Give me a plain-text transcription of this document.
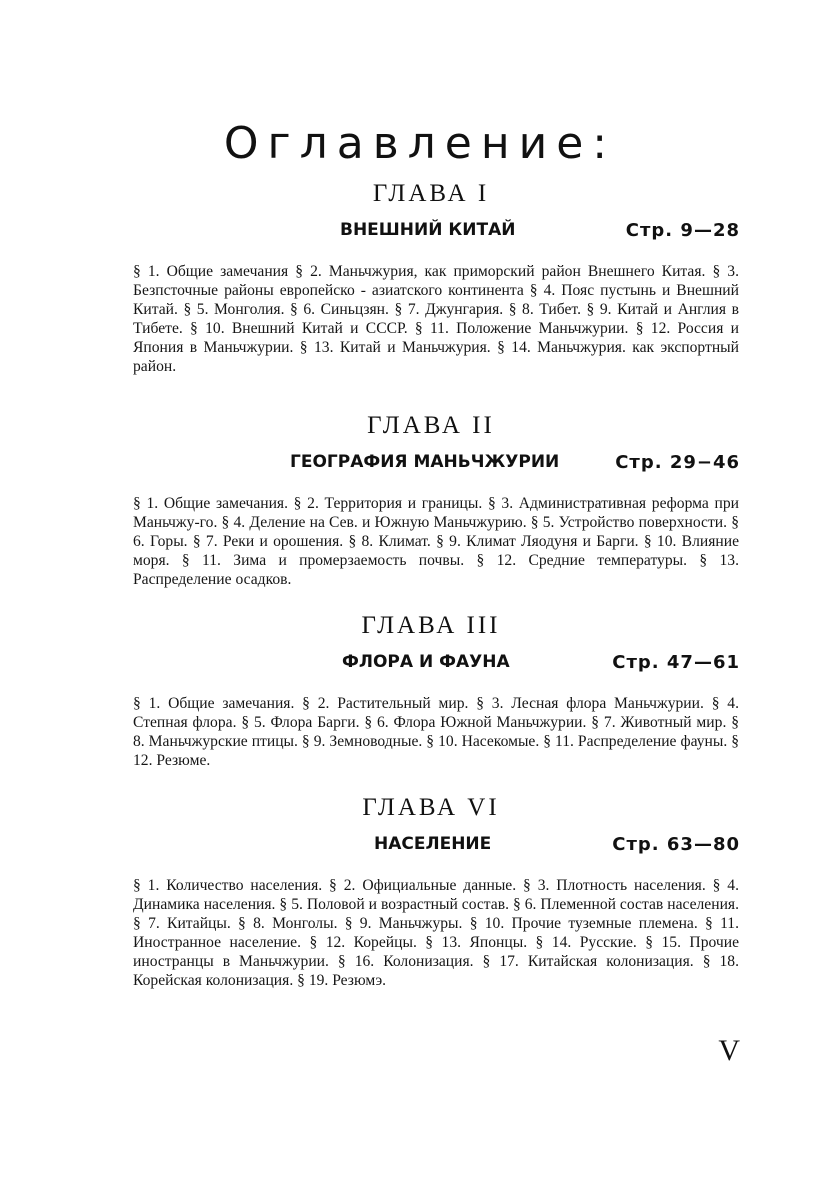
Оглавление:
ГЛАВА I
ВНЕШНИЙ КИТАЙ	Стр. 9—28
§ 1. Общие замечания § 2. Маньчжурия, как приморский район Внешнего Китая. § 3. Безпсточные районы европейско - азиатского континента § 4. Пояс пустынь и Внешний Китай. § 5. Монголия. § 6. Синьцзян. § 7. Джунгария. § 8. Тибет. § 9. Китай и Англия в Тибете. § 10. Внешний Китай и СССР. § 11. Положение Маньчжурии. § 12. Россия и Япония в Маньчжурии. § 13. Китай и Маньчжурия. § 14. Маньчжурия. как экспортный район.
ГЛАВА II
ГЕОГРАФИЯ МАНЬЧЖУРИИ	Стр. 29−46
§ 1. Общие замечания. § 2. Территория и границы. § 3. Административная реформа при Маньчжу-го. § 4. Деление на Сев. и Южную Маньчжурию. § 5. Устройство поверхности. § 6. Горы. § 7. Реки и орошения. § 8. Климат. § 9. Климат Ляодуня и Барги. § 10. Влияние моря. § 11. Зима и промерзаемость почвы. § 12. Средние температуры. § 13. Распределение осадков.
ГЛАВА III
ФЛОРА И ФАУНА	Стр. 47—61
§ 1. Общие замечания. § 2. Растительный мир. § 3. Лесная флора Маньчжурии. § 4. Степная флора. § 5. Флора Барги. § 6. Флора Южной Маньчжурии. § 7. Животный мир. § 8. Маньчжурские птицы. § 9. Земноводные. § 10. Насекомые. § 11. Распределение фауны. § 12. Резюме.
ГЛАВА VI
НАСЕЛЕНИЕ	Стр. 63—80
§ 1. Количество населения. § 2. Официальные данные. § 3. Плотность населения. § 4. Динамика населения. § 5. Половой и возрастный состав. § 6. Племенной состав населения. § 7. Китайцы. § 8. Монголы. § 9. Маньчжуры. § 10. Прочие туземные племена. § 11. Иностранное население. § 12. Корейцы. § 13. Японцы. § 14. Русские. § 15. Прочие иностранцы в Маньчжурии. § 16. Колонизация. § 17. Китайская колонизация. § 18. Корейская колонизация. § 19. Резюмэ.
V
